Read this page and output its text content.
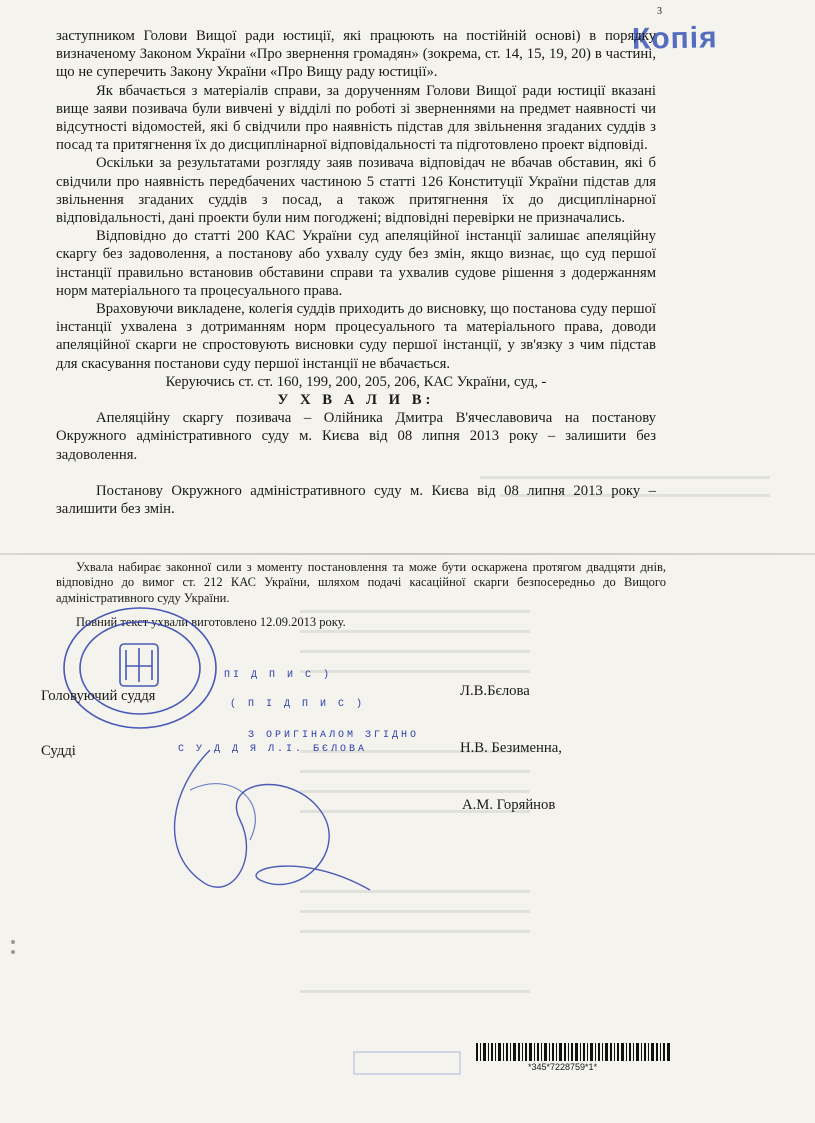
3
Копія

заступником Голови Вищої ради юстиції, які працюють на постійній основі) в порядку визначеному Законом України «Про звернення громадян» (зокрема, ст. 14, 15, 19, 20) в частині, що не суперечить Закону України «Про Вищу раду юстиції».

Як вбачається з матеріалів справи, за дорученням Голови Вищої ради юстиції вказані вище заяви позивача були вивчені у відділі по роботі зі зверненнями на предмет наявності чи відсутності відомостей, які б свідчили про наявність підстав для звільнення згаданих суддів з посад та притягнення їх до дисциплінарної відповідальності та підготовлено проект відповіді.

Оскільки за результатами розгляду заяв позивача відповідач не вбачав обставин, які б свідчили про наявність передбачених частиною 5 статті 126 Конституції України підстав для звільнення згаданих суддів з посад, а також притягнення їх до дисциплінарної відповідальності, дані проекти були ним погоджені; відповідні перевірки не призначались.

Відповідно до статті 200 КАС України суд апеляційної інстанції залишає апеляційну скаргу без задоволення, а постанову або ухвалу суду без змін, якщо визнає, що суд першої інстанції правильно встановив обставини справи та ухвалив судове рішення з додержанням норм матеріального та процесуального права.

Враховуючи викладене, колегія суддів приходить до висновку, що постанова суду першої інстанції ухвалена з дотриманням норм процесуального та матеріального права, доводи апеляційної скарги не спростовують висновки суду першої інстанції, у зв'язку з чим підстав для скасування постанови суду першої інстанції не вбачається.

Керуючись ст. ст. 160, 199, 200, 205, 206, КАС України, суд, -

У Х В А Л И В:

Апеляційну скаргу позивача – Олійника Дмитра В'ячеславовича на постанову Окружного адміністративного суду м. Києва від 08 липня 2013 року – залишити без задоволення.

Постанову Окружного адміністративного суду м. Києва від 08 липня 2013 року – залишити без змін.

Ухвала набирає законної сили з моменту постановлення та може бути оскаржена протягом двадцяти днів, відповідно до вимог ст. 212 КАС України, шляхом подачі касаційної скарги безпосередньо до Вищого адміністративного суду України.

Повний текст ухвали виготовлено 12.09.2013 року.

ПІ Д П И С )
( П І Д П И С )
З ОРИГІНАЛОМ ЗГІДНО
С У Д Д Я Л.І. БЄЛОВА
Головуючий суддя	Л.В.Бєлова
Судді	Н.В. Безименна,
А.М. Горяйнов
*345*7228759*1*
